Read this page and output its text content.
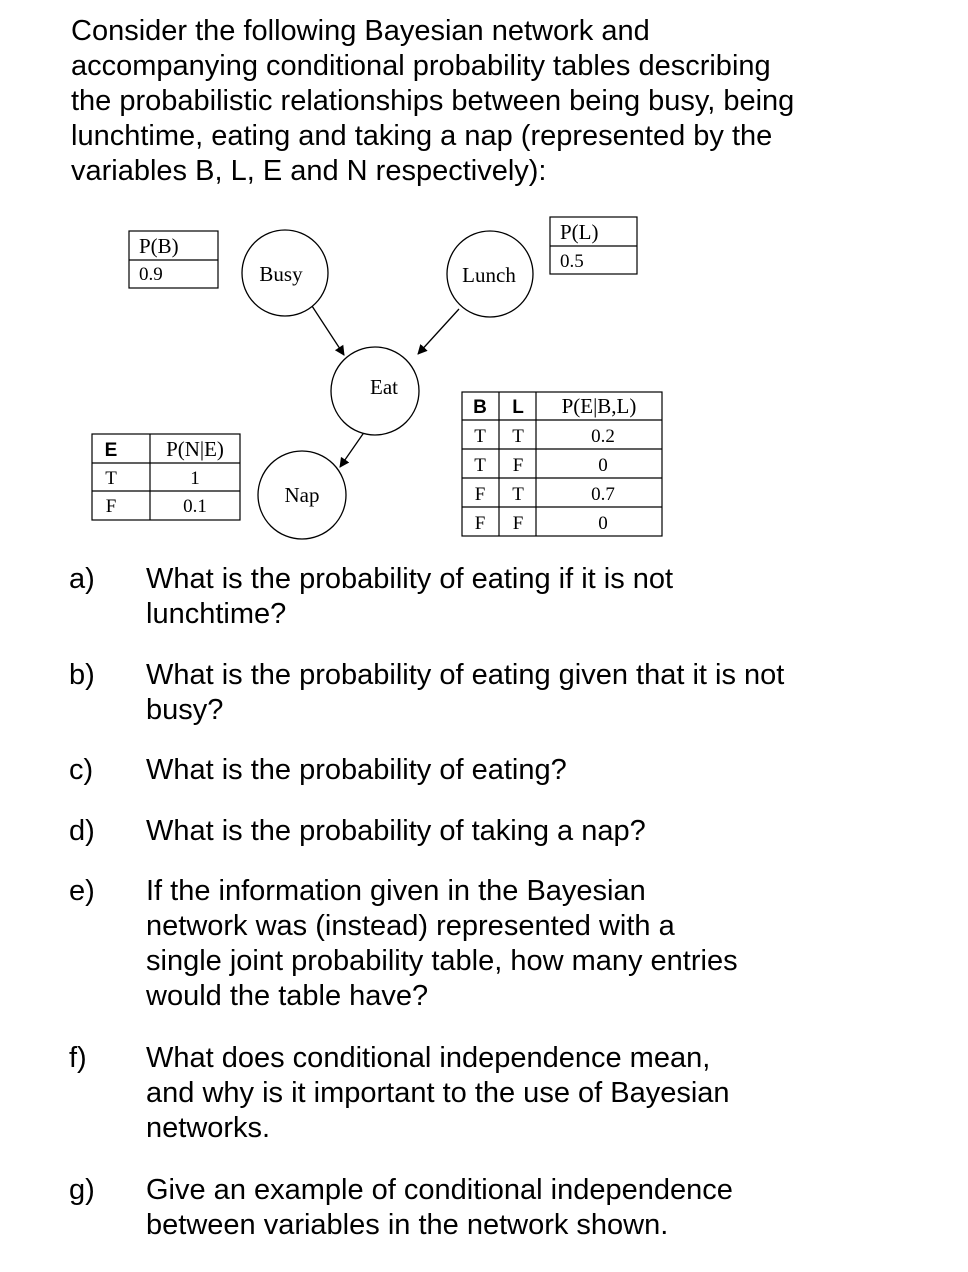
Consider the following Bayesian network and
accompanying conditional probability tables describing
the probabilistic relationships between being busy, being
lunchtime, eating and taking a nap (represented by the
variables B, L, E and N respectively):
P(B)
0.9
P(L)
0.5
Busy	Lunch
Eat
Nap
E P(N|E)
T	1
F	0.1
B L P(E|B,L)
T T	0.2
T F	0
F T	0.7
F F	0
a) What is the probability of eating if it is not
lunchtime?
b) What is the probability of eating given that it is not
busy?
c) What is the probability of eating?
d) What is the probability of taking a nap?
e) If the information given in the Bayesian
network was (instead) represented with a
single joint probability table, how many entries
would the table have?
f) What does conditional independence mean,
and why is it important to the use of Bayesian
networks.
g) Give an example of conditional independence
between variables in the network shown.
